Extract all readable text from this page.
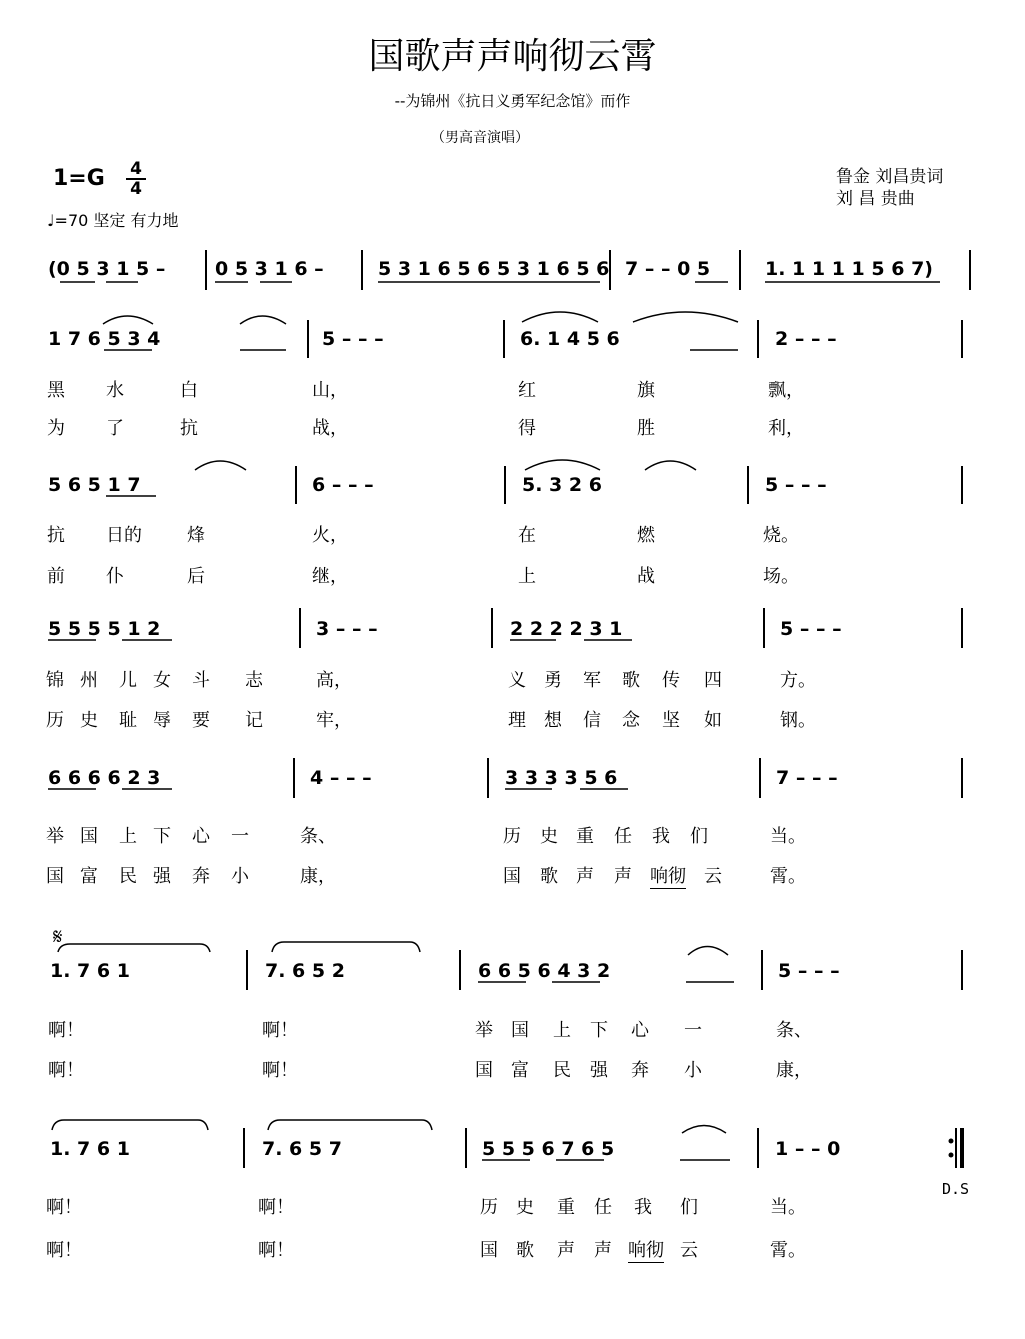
国歌声声响彻云霄
--为锦州《抗日义勇军纪念馆》而作
（男高音演唱）
鲁金 刘昌贵词
刘 昌 贵曲
1=G 4
4
♩=70 坚定 有力地
(0 5 3 1 5 –	0 5 3 1 6 –	5 3 1 6 5 6 5 3 1 6 5 6 7 – – 0 5	1. 1 1 1 1 5 6 7)
1 7 6 5 3 4	5 – – –	6. 1 4 5 6	2 – – –
黑 水	白	山，	红	旗	飘，
为 了	抗	战，	得	胜	利，
5 6 5 1 7	6 – – –	5. 3 2 6	5 – – –
抗 日的	烽	火，	在	燃	烧。
前 仆	后	继，	上	战	场。
5 5 5 5 1 2	3 – – –	2 2 2 2 3 1	5 – – –
锦 州 儿 女 斗 志	高，	义 勇 军 歌 传 四	方。
历 史 耻 辱 要 记	牢，	理 想 信 念 坚 如	钢。
6 6 6 6 2 3	4 – – –	3 3 3 3 5 6	7 – – –
举 国 上 下 心 一	条、	历 史 重 任 我 们	当。
国 富 民 强 奔 小	康，	国 歌 声 声 响彻 云	霄。
𝄋
1. 7 6 1	7. 6 5 2	6 6 5 6 4 3 2	5 – – –
啊！	啊！	举 国 上 下 心 一	条、
啊！	啊！	国 富 民 强 奔 小	康，
1. 7 6 1	7. 6 5 7	5 5 5 6 7 6 5	1 – – 0
D.S
啊！	啊！	历 史 重 任 我 们	当。
啊！	啊！	国 歌 声 声 响彻 云	霄。
